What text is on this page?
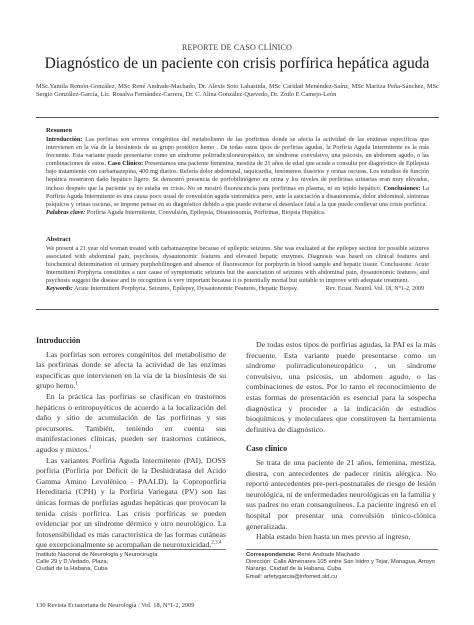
REPORTE DE CASO CLÍNICO
Diagnóstico de un paciente con crisis porfírica hepática aguda
MSc.Yamila Remón-González, MSc René Andrade-Machado, Dr. Alexis Soto Labastida, MSc Caridad Menéndez-Saínz, MSc Maritza Peña-Sánchez, MSc Sergio González-García, Lic. Rosalva Fernández-Carrera, Dr. C. Alina González-Quevedo, Dr. Zoilo E Camejo-León
Resumen
Introducción: Las porfirias son errores congénitos del metabolismo de las porfirinas donde se afecta la actividad de las enzimas específicas que intervienen en la vía de la biosíntesis de su grupo protético hemo . De todas estos tipos de porfirias agudas, la Porfiria Aguda Intermitente es la más frecuente. Esta variante puede presentarse como un síndrome polirradiculoneuropático, un síndrome convulsivo, una psicosis, un abdomen agudo, o las combinaciones de estos. Caso Clínico: Presentamos una paciente femenina, mestiza de 21 años de edad que acude a consulta por diagnóstico de Epilepsia bajo tratamiento con carbamazepina, 400 mg diarios. Refería dolor abdominal, taquicardia, fenómenos ilusorios y orinas oscuras. Los estudios de función hepática mostraron daño hepático ligero. Se demostró presencia de porfobilinógeno en orina y los niveles de porfirinas urinarias eran muy elevados, incluso después que la paciente ya no estaba en crisis. No se mostró fluorescencia para porfirinas en plasma, ni en tejido hepático. Conclusiones: La Porfiria Aguda Intermitente es una causa poco usual de convulsión aguda sintomática pero, ante la asociación a disautonomía, dolor abdominal, síntomas psíquicos y orinas oscuras, se impone pensar en su diagnóstico debido a que puede evitarse el desenlace fatal a la que puede conllevar una crisis porfírica.
Palabras clave: Porfiria Aguda Intermitente, Convulsión, Epilepsia, Disautonomía, Porfirinas, Biopsia Hepática.
Abstract
We present a 21 year old woman treated with carbamazepine because of epileptic seizures. She was evaluated at the epilepsy section for possible seizures associated with abdominal pain, psychosis, dysautonomic features and elevated hepatic enzymes. Diagnosis was based on clinical features and biochemical determination of urinary porphobilinogen and absence of fluorescence for porphyrin in blood sample and hepatic tissue. Conclusions: Acute Intermittent Porphyria constitutes a rare cause of symptomatic seizures but the association of seizures with abdominal pain, dysautonomic features, and psychosis suggest the disease and its recognition is very important because it is potentially mortal but suitable to improve with adequate treatment.
Keywords: Acute Intermittent Porphyria. Seizures, Epilepsy, Dysautonomic Features, Hepatic Biopsy.	Rev. Ecuat. Neurol. Vol. 18, N°1-2, 2009
Introducción

Las porfirias son errores congénitos del metabolismo de las porfirinas donde se afecta la actividad de las enzimas específicas que intervienen en la vía de la biosíntesis de su grupo hemo.$^1$

En la práctica las porfirias se clasifican en trastornos hepáticos o eritropoyéticos de acuerdo a la localización del daño y sitio de acumulación de las porfirinas y sus precursores. También, teniendo en cuenta sus manifestaciones clínicas, pueden ser trastornos cutáneos, agudos y mixtos.$^1$

Las variantes Porfiria Aguda Intermitente (PAI), DOSS porfiria (Porfiria por Déficit de la Deshidratasa del Acido Gamma Amino Levulénico - PAALD), la Coproporfiria Hereditaria (CPH) y la Porfiria Variegata (PV) son las únicas formas de porfirias agudas hepáticas que provocan la tenida crisis porfírica. Las crisis porfíricas se pueden evidenciar por un síndrome dérmico y otro neurológico. La fotosensibilidad es más característica de las formas cutáneas que excepcionalmente se acompañan de neurotoxicidad.$^{2,3,4}$

De todas estos tipos de porfirias agudas, la PAI es la más frecuente. Esta variante puede presentarse como un síndrome polirradiculoneuropático , un síndrome convulsivo, una psicosis, un abdomen agudo, o las combinaciones de estos. Por lo tanto el reconocimiento de estas formas de presentación es esencial para la sospecha diagnóstica y proceder a la indicación de estudios bioquímicos y moleculares que constituyen la herramienta definitiva de diagnóstico.

Caso clínico

Se trata de una paciente de 21 años, femenina, mestiza, diestra, con antecedentes de padecer rinitis alérgica. No reportó antecedentes pre-peri-postnatales de riesgo de lesión neurológica, ni de enfermedades neurológicas en la familia y sus padres no eran consanguíneos. La paciente ingresó en el hospital por presentar una convulsión tónico-clónica generalizada.

Había estado bien hasta un mes previo al ingreso,

Instituto Nacional de Neurologia y Neurocirugía
Calle 29 y D,Vedado, Plaza,
Ciudad de la Habana, Cuba
Correspondencia: René Andrade Machado
Dirección: Calle Almenares 105 entre San Isidro y Tejar, Managua, Arroyo Naranjo, Ciudad de la Habana, Cuba
Email: arfetygarcia@infomed.sld.cu
130 Revista Ecuatoriana de Neurología / Vol. 18, N°1-2, 2009
